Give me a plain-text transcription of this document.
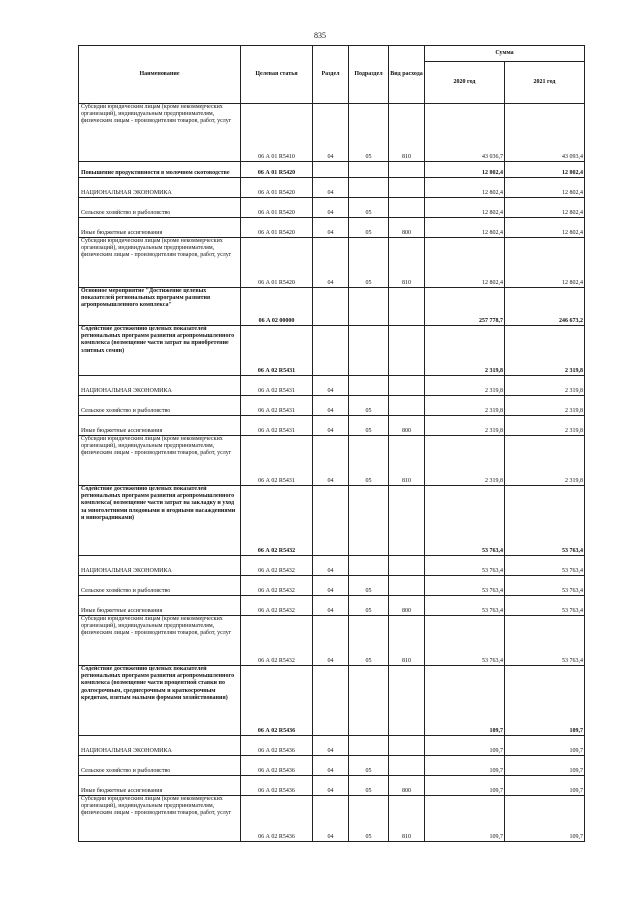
835
Наименование	Целевая статья	Раздел	Подраздел	Вид расхода	Сумма	
					2020 год	2021 год
Субсидии юридическим лицам (кроме некоммерческих организаций), индивидуальным предпринимателям, физическим лицам - производителям товаров, работ, услуг	06 А 01 R5410	04	05	810	43 036,7	43 093,4
Повышение продуктивности в молочном скотоводстве	06 А 01 R5420				12 802,4	12 802,4
НАЦИОНАЛЬНАЯ ЭКОНОМИКА	06 А 01 R5420	04			12 802,4	12 802,4
Сельское хозяйство и рыболовство	06 А 01 R5420	04	05		12 802,4	12 802,4
Иные бюджетные ассигнования	06 А 01 R5420	04	05	800	12 802,4	12 802,4
Субсидии юридическим лицам (кроме некоммерческих организаций), индивидуальным предпринимателям, физическим лицам - производителям товаров, работ, услуг	06 А 01 R5420	04	05	810	12 802,4	12 802,4
Основное мероприятие "Достижение целевых показателей региональных программ развития агропромышленного комплекса"	06 А 02 00000				257 778,7	246 673,2
Содействие достижению целевых показателей региональных программ развития агропромышленного комплекса (возмещение части затрат на приобретение элитных семян)	06 А 02 R5431				2 319,8	2 319,8
НАЦИОНАЛЬНАЯ ЭКОНОМИКА	06 А 02 R5431	04			2 319,8	2 319,8
Сельское хозяйство и рыболовство	06 А 02 R5431	04	05		2 319,8	2 319,8
Иные бюджетные ассигнования	06 А 02 R5431	04	05	800	2 319,8	2 319,8
Субсидии юридическим лицам (кроме некоммерческих организаций), индивидуальным предпринимателям, физическим лицам - производителям товаров, работ, услуг	06 А 02 R5431	04	05	810	2 319,8	2 319,8
Содействие достижению целевых показателей региональных программ развития агропромышленного комплекса( возмещение части затрат на закладку и уход за многолетними плодовыми и ягодными насаждениями и виноградниками)	06 А 02 R5432				53 763,4	53 763,4
НАЦИОНАЛЬНАЯ ЭКОНОМИКА	06 А 02 R5432	04			53 763,4	53 763,4
Сельское хозяйство и рыболовство	06 А 02 R5432	04	05		53 763,4	53 763,4
Иные бюджетные ассигнования	06 А 02 R5432	04	05	800	53 763,4	53 763,4
Субсидии юридическим лицам (кроме некоммерческих организаций), индивидуальным предпринимателям, физическим лицам - производителям товаров, работ, услуг	06 А 02 R5432	04	05	810	53 763,4	53 763,4
Содействие достижению целевых показателей региональных программ развития агропромышленного комплекса (возмещение части процентной ставки по долгосрочным, среднесрочным и краткосрочным кредитам, взятым малыми формами хозяйствования)	06 А 02 R5436				109,7	109,7
НАЦИОНАЛЬНАЯ ЭКОНОМИКА	06 А 02 R5436	04			109,7	109,7
Сельское хозяйство и рыболовство	06 А 02 R5436	04	05		109,7	109,7
Иные бюджетные ассигнования	06 А 02 R5436	04	05	800	109,7	109,7
Субсидии юридическим лицам (кроме некоммерческих организаций), индивидуальным предпринимателям, физическим лицам - производителям товаров, работ, услуг	06 А 02 R5436	04	05	810	109,7	109,7
